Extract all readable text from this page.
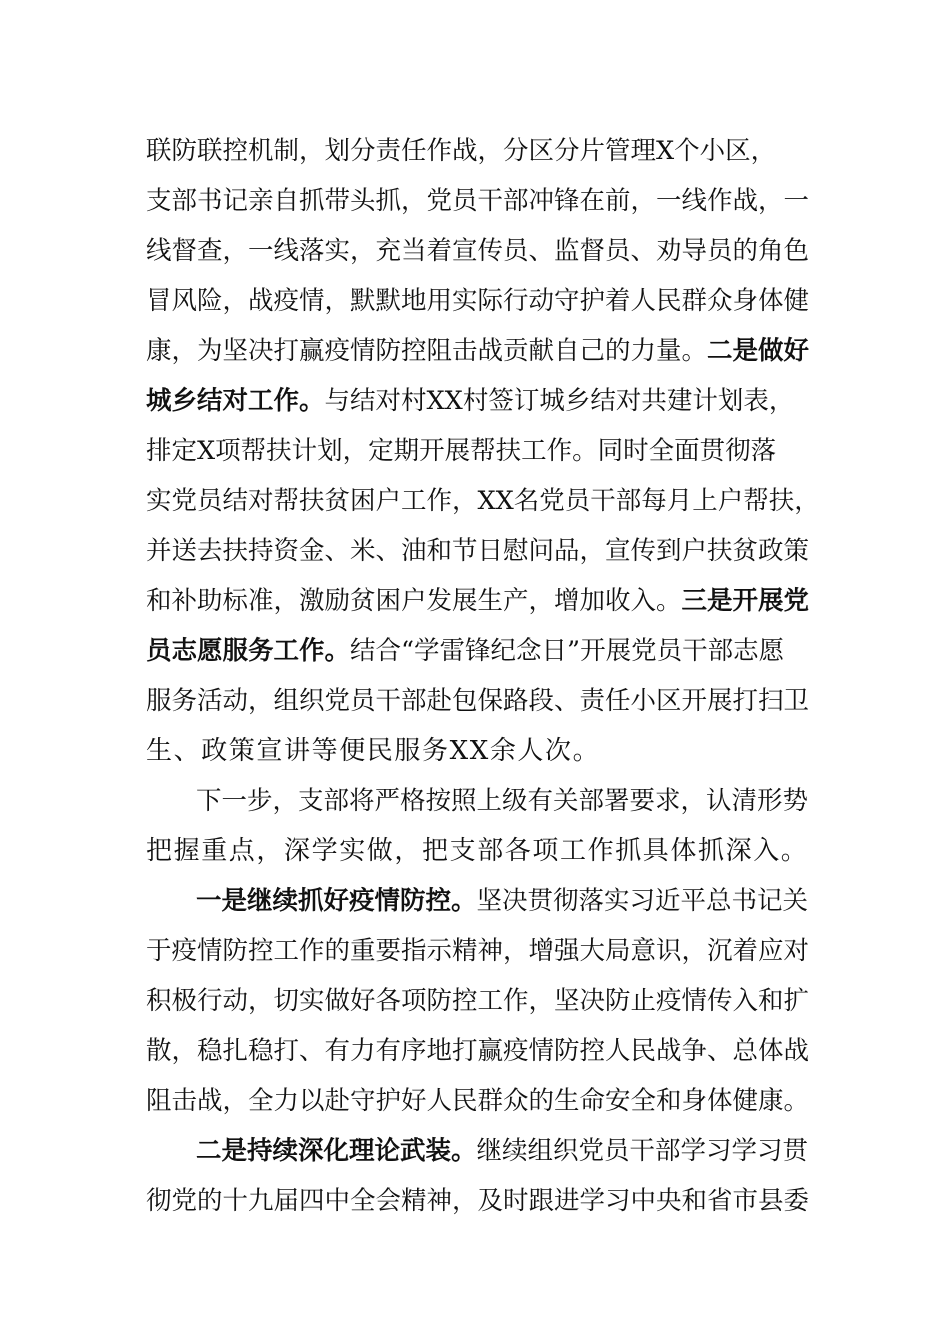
联防联控机制，划分责任作战，分区分片管理X个小区，
支部书记亲自抓带头抓，党员干部冲锋在前，一线作战，一
线督查，一线落实，充当着宣传员、监督员、劝导员的角色
冒风险，战疫情，默默地用实际行动守护着人民群众身体健
康，为坚决打赢疫情防控阻击战贡献自己的力量。二是做好
城乡结对工作。与结对村XX村签订城乡结对共建计划表，
排定X项帮扶计划，定期开展帮扶工作。同时全面贯彻落
实党员结对帮扶贫困户工作，XX名党员干部每月上户帮扶，
并送去扶持资金、米、油和节日慰问品，宣传到户扶贫政策
和补助标准，激励贫困户发展生产，增加收入。三是开展党
员志愿服务工作。结合“学雷锋纪念日”开展党员干部志愿
服务活动，组织党员干部赴包保路段、责任小区开展打扫卫
生、政策宣讲等便民服务XX余人次。
下一步，支部将严格按照上级有关部署要求，认清形势
把握重点，深学实做，把支部各项工作抓具体抓深入。
一是继续抓好疫情防控。坚决贯彻落实习近平总书记关
于疫情防控工作的重要指示精神，增强大局意识，沉着应对
积极行动，切实做好各项防控工作，坚决防止疫情传入和扩
散，稳扎稳打、有力有序地打赢疫情防控人民战争、总体战
阻击战，全力以赴守护好人民群众的生命安全和身体健康。
二是持续深化理论武装。继续组织党员干部学习学习贯
彻党的十九届四中全会精神，及时跟进学习中央和省市县委
